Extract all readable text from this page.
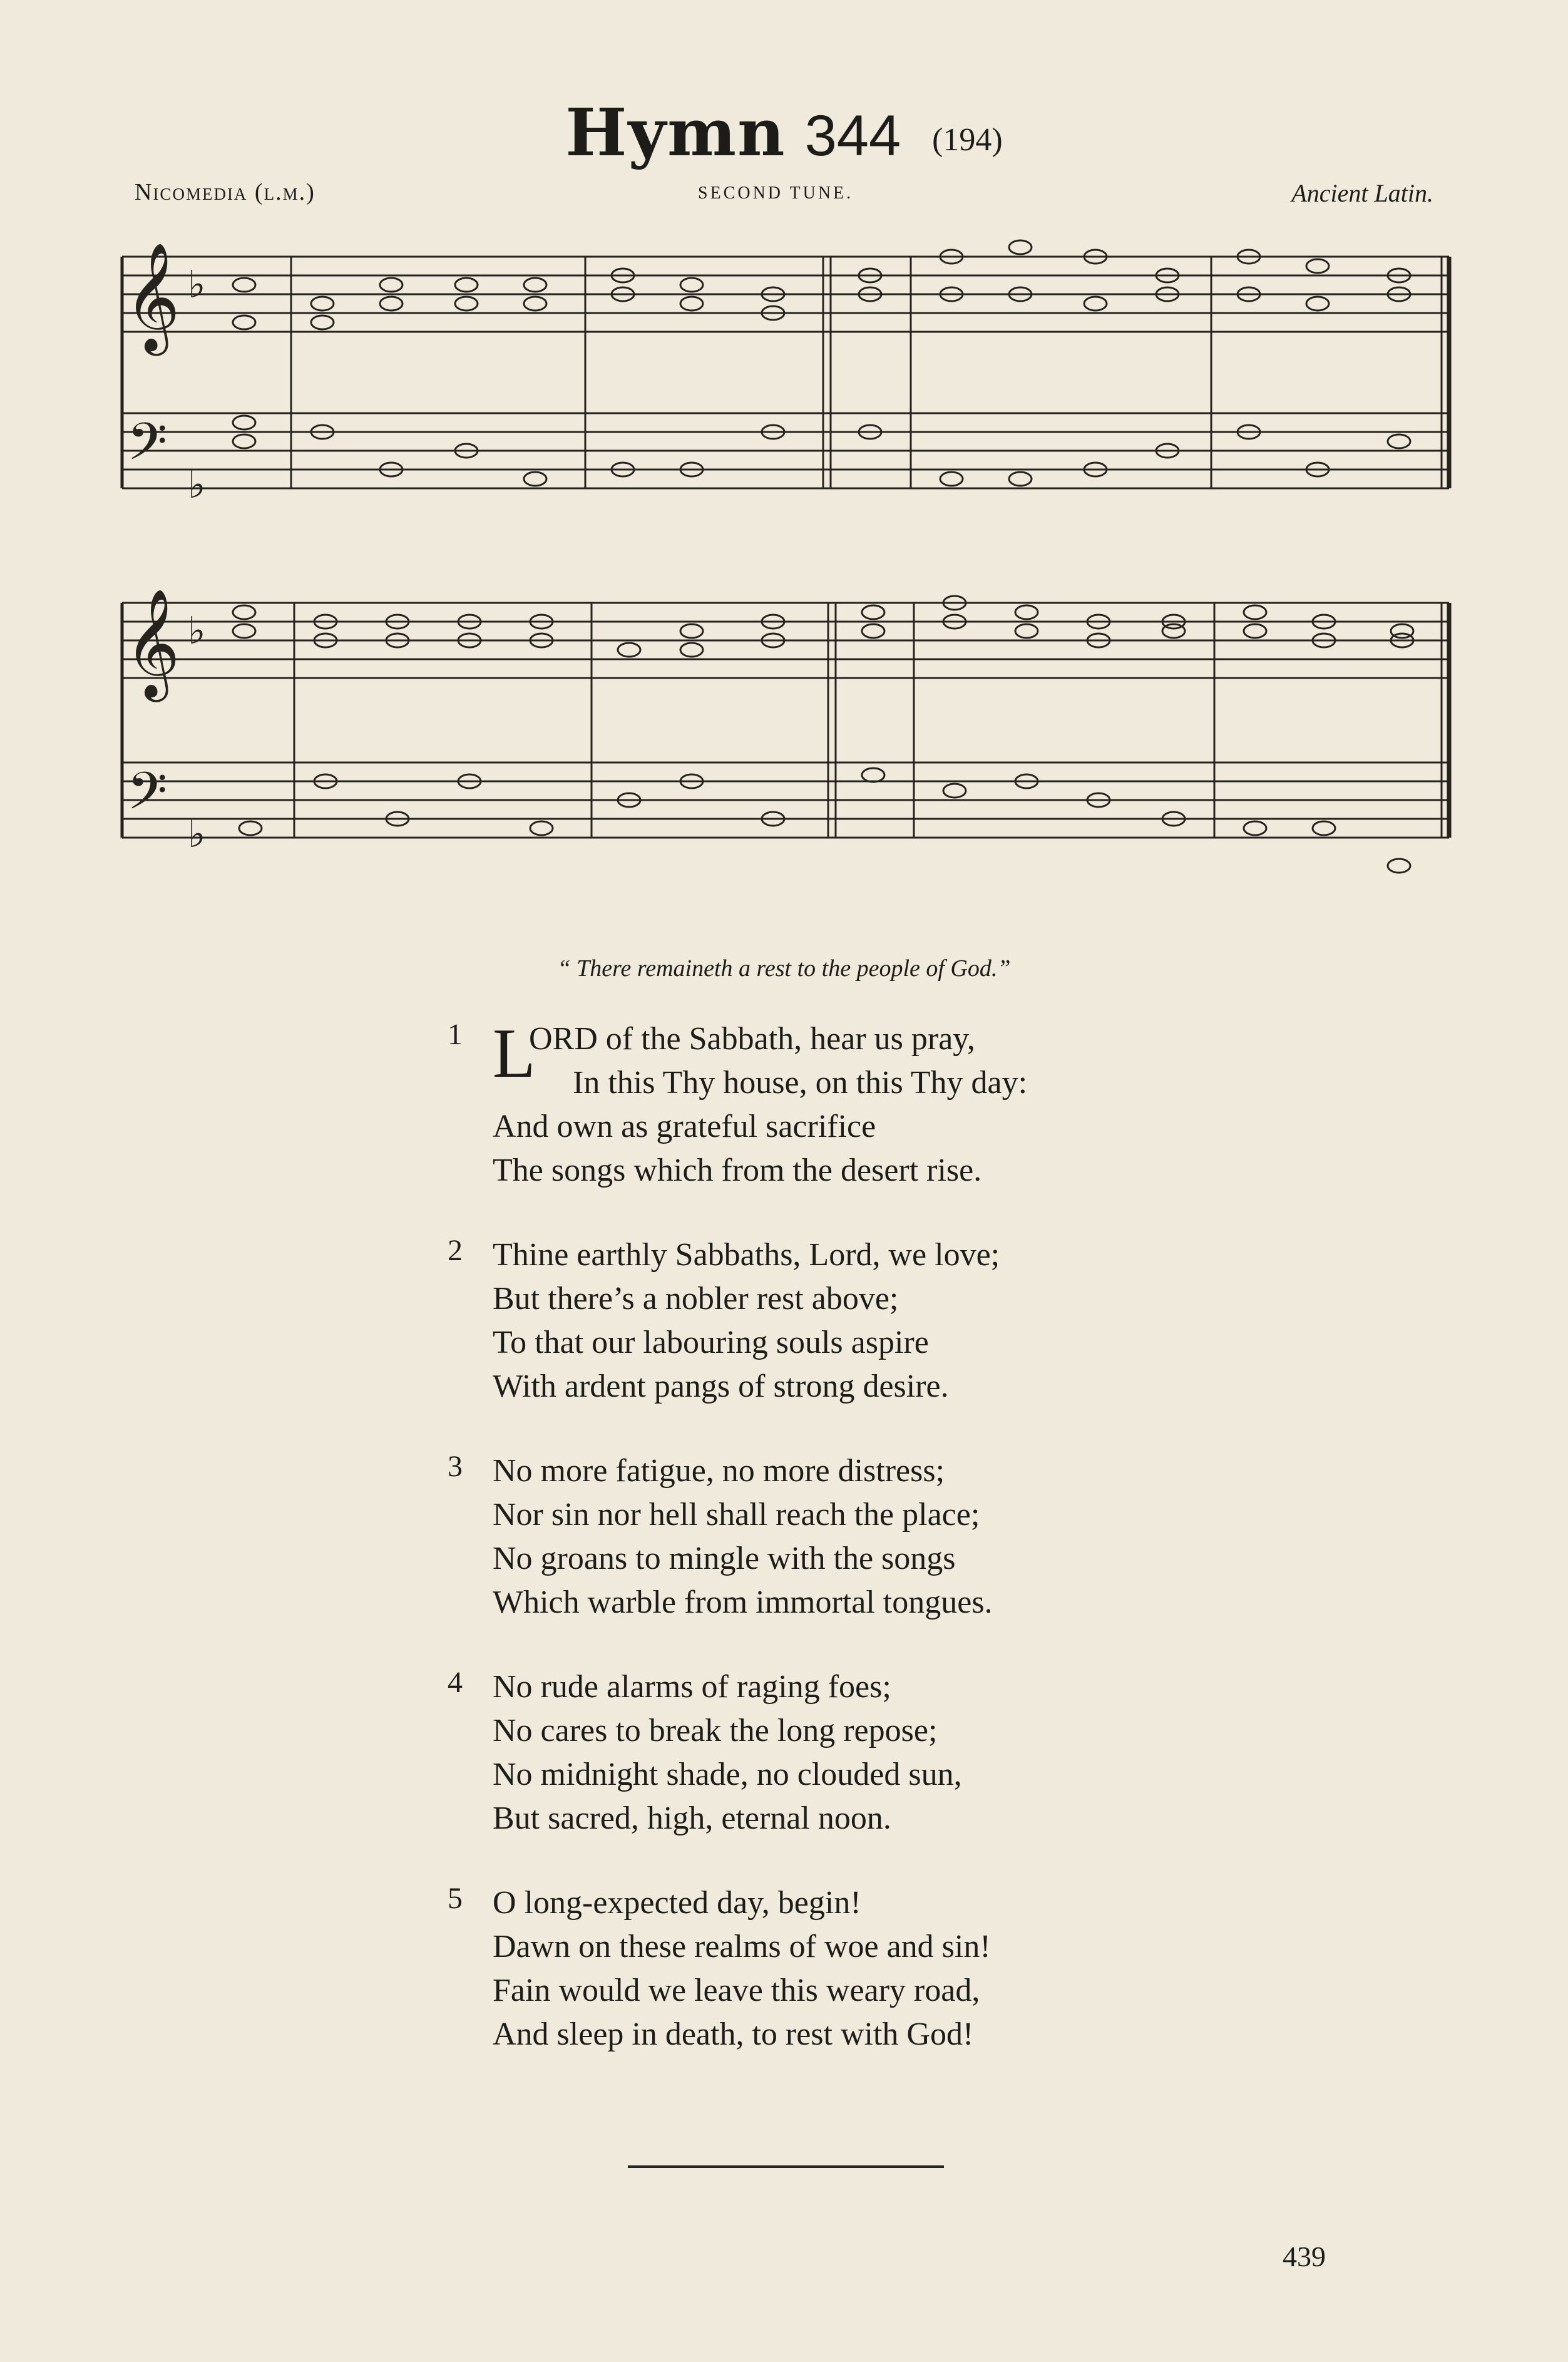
Hymn 344 (194)
Nicomedia (l.m.)	SECOND TUNE.	Ancient Latin.
𝄞
𝄢
♭
♭
𝄞
𝄢
♭
♭
“ There remaineth a rest to the people of God.”
1 L
ORD of the Sabbath, hear us pray,
In this Thy house, on this Thy day:
And own as grateful sacrifice
The songs which from the desert rise.
2 Thine earthly Sabbaths, Lord, we love;
But there’s a nobler rest above;
To that our labouring souls aspire
With ardent pangs of strong desire.
3 No more fatigue, no more distress;
Nor sin nor hell shall reach the place;
No groans to mingle with the songs
Which warble from immortal tongues.
4 No rude alarms of raging foes;
No cares to break the long repose;
No midnight shade, no clouded sun,
But sacred, high, eternal noon.
5 O long-expected day, begin!
Dawn on these realms of woe and sin!
Fain would we leave this weary road,
And sleep in death, to rest with God!
439
